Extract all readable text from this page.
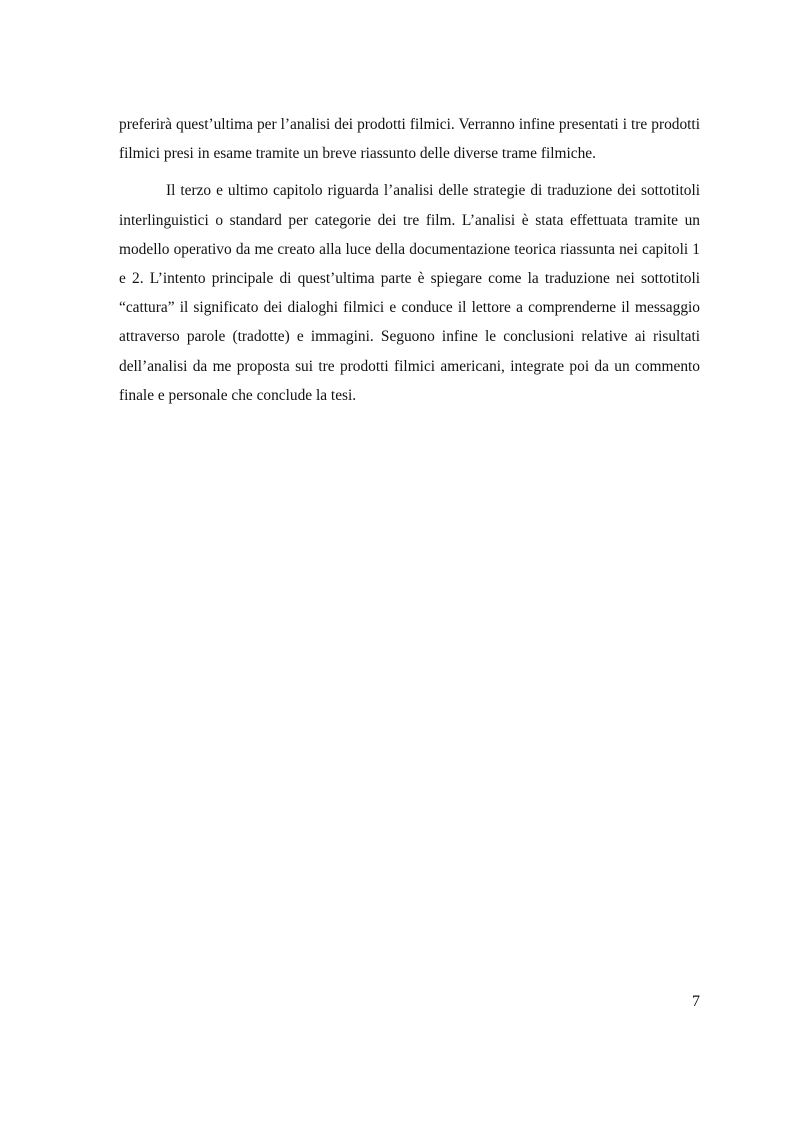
preferirà quest’ultima per l’analisi dei prodotti filmici. Verranno infine presentati i tre prodotti filmici presi in esame tramite un breve riassunto delle diverse trame filmiche.

Il terzo e ultimo capitolo riguarda l’analisi delle strategie di traduzione dei sottotitoli interlinguistici o standard per categorie dei tre film. L’analisi è stata effettuata tramite un modello operativo da me creato alla luce della documentazione teorica riassunta nei capitoli 1 e 2. L’intento principale di quest’ultima parte è spiegare come la traduzione nei sottotitoli “cattura” il significato dei dialoghi filmici e conduce il lettore a comprenderne il messaggio attraverso parole (tradotte) e immagini. Seguono infine le conclusioni relative ai risultati dell’analisi da me proposta sui tre prodotti filmici americani, integrate poi da un commento finale e personale che conclude la tesi.

7
